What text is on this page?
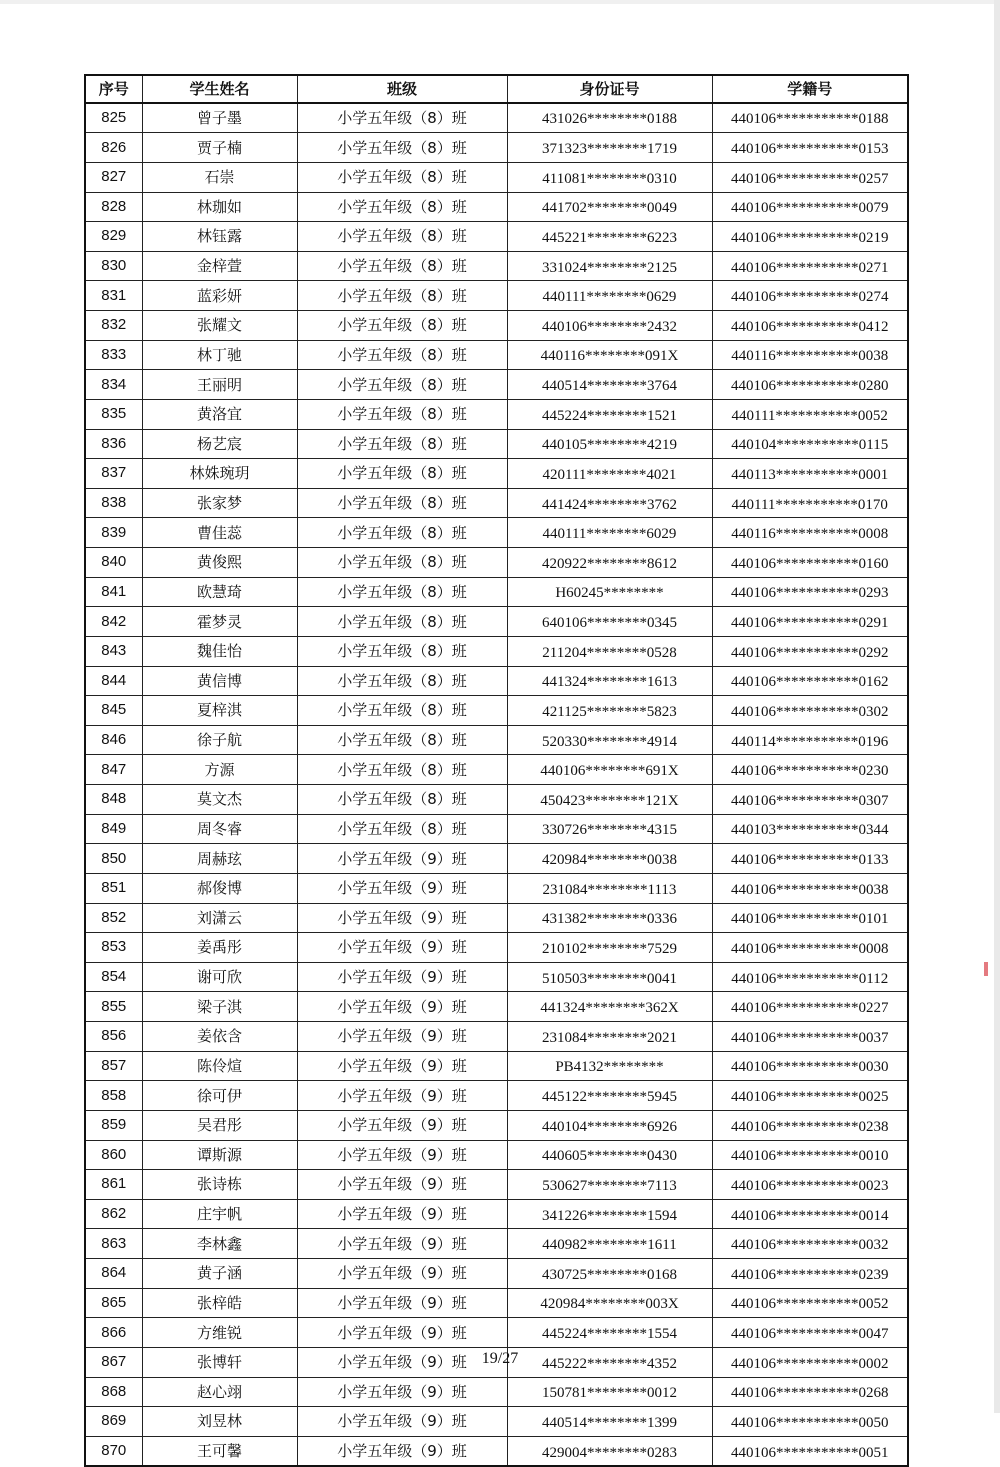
序号	学生姓名	班级	身份证号	学籍号
825	曾子墨	小学五年级（8）班	431026********0188	440106***********0188
826	贾子楠	小学五年级（8）班	371323********1719	440106***********0153
827	石崇	小学五年级（8）班	411081********0310	440106***********0257
828	林珈如	小学五年级（8）班	441702********0049	440106***********0079
829	林钰露	小学五年级（8）班	445221********6223	440106***********0219
830	金梓萱	小学五年级（8）班	331024********2125	440106***********0271
831	蓝彩妍	小学五年级（8）班	440111********0629	440106***********0274
832	张耀文	小学五年级（8）班	440106********2432	440106***********0412
833	林丁驰	小学五年级（8）班	440116********091X	440116***********0038
834	王丽明	小学五年级（8）班	440514********3764	440106***********0280
835	黄洛宜	小学五年级（8）班	445224********1521	440111***********0052
836	杨艺宸	小学五年级（8）班	440105********4219	440104***********0115
837	林姝琬玥	小学五年级（8）班	420111********4021	440113***********0001
838	张家梦	小学五年级（8）班	441424********3762	440111***********0170
839	曹佳蕊	小学五年级（8）班	440111********6029	440116***********0008
840	黄俊熙	小学五年级（8）班	420922********8612	440106***********0160
841	欧慧琦	小学五年级（8）班	H60245********	440106***********0293
842	霍梦灵	小学五年级（8）班	640106********0345	440106***********0291
843	魏佳怡	小学五年级（8）班	211204********0528	440106***********0292
844	黄信博	小学五年级（8）班	441324********1613	440106***********0162
845	夏梓淇	小学五年级（8）班	421125********5823	440106***********0302
846	徐子航	小学五年级（8）班	520330********4914	440114***********0196
847	方源	小学五年级（8）班	440106********691X	440106***********0230
848	莫文杰	小学五年级（8）班	450423********121X	440106***********0307
849	周冬睿	小学五年级（8）班	330726********4315	440103***********0344
850	周赫玹	小学五年级（9）班	420984********0038	440106***********0133
851	郝俊博	小学五年级（9）班	231084********1113	440106***********0038
852	刘潇云	小学五年级（9）班	431382********0336	440106***********0101
853	姜禹彤	小学五年级（9）班	210102********7529	440106***********0008
854	谢可欣	小学五年级（9）班	510503********0041	440106***********0112
855	梁子淇	小学五年级（9）班	441324********362X	440106***********0227
856	姜依含	小学五年级（9）班	231084********2021	440106***********0037
857	陈伶煊	小学五年级（9）班	PB4132********	440106***********0030
858	徐可伊	小学五年级（9）班	445122********5945	440106***********0025
859	吴君彤	小学五年级（9）班	440104********6926	440106***********0238
860	谭斯源	小学五年级（9）班	440605********0430	440106***********0010
861	张诗栋	小学五年级（9）班	530627********7113	440106***********0023
862	庄宇帆	小学五年级（9）班	341226********1594	440106***********0014
863	李林鑫	小学五年级（9）班	440982********1611	440106***********0032
864	黄子涵	小学五年级（9）班	430725********0168	440106***********0239
865	张梓皓	小学五年级（9）班	420984********003X	440106***********0052
866	方维锐	小学五年级（9）班	445224********1554	440106***********0047
867	张博轩	小学五年级（9）班	445222********4352	440106***********0002
868	赵心翊	小学五年级（9）班	150781********0012	440106***********0268
869	刘昱林	小学五年级（9）班	440514********1399	440106***********0050
870	王可馨	小学五年级（9）班	429004********0283	440106***********0051
19/27
